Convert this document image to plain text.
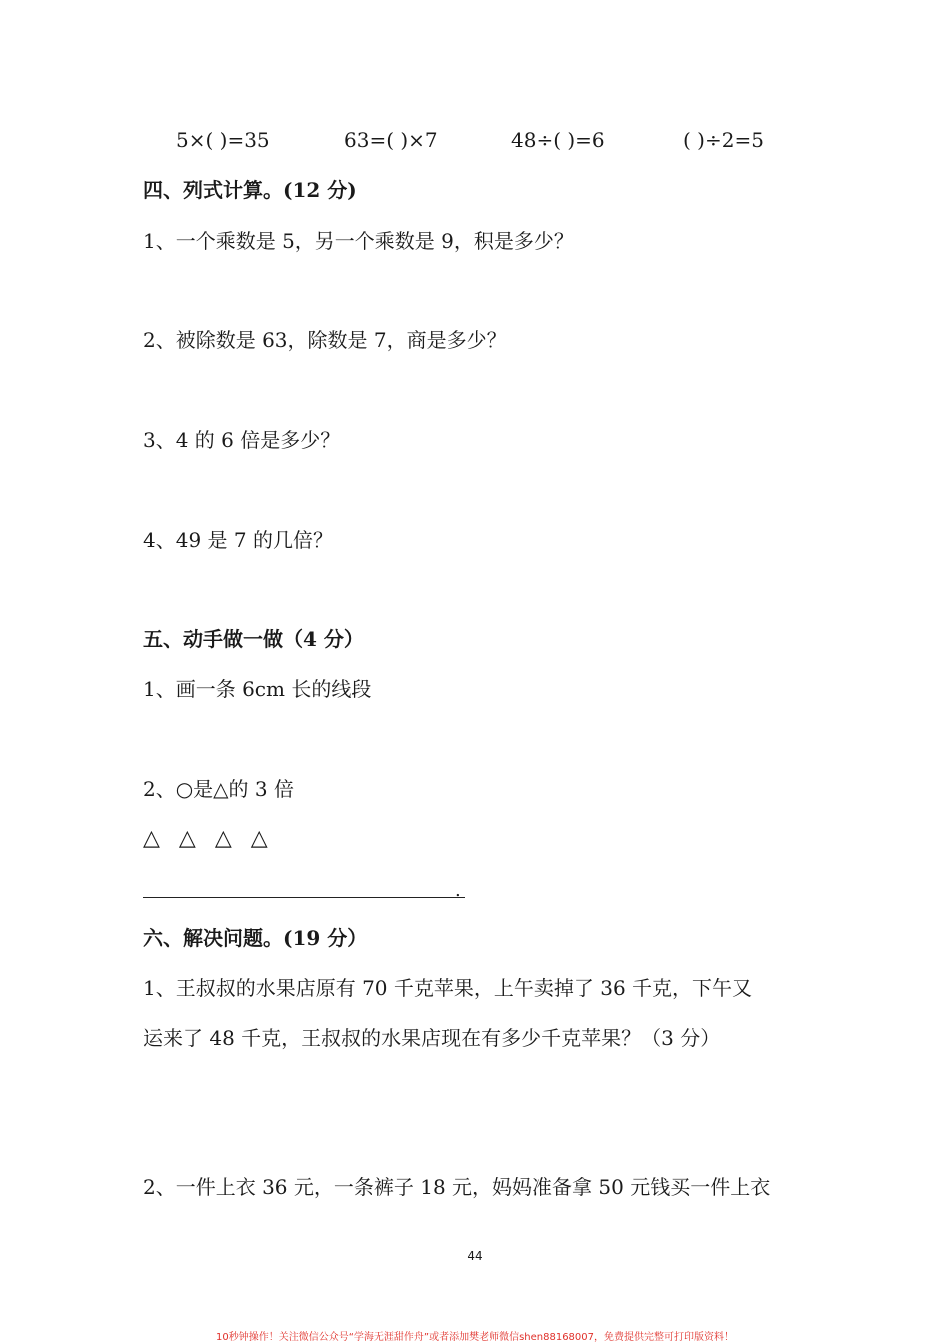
5×( )=35	63=( )×7	48÷( )=6	( )÷2=5
四、列式计算。(12 分)
1、一个乘数是 5，另一个乘数是 9，积是多少？
2、被除数是 63，除数是 7，商是多少？
3、4 的 6 倍是多少？
4、49 是 7 的几倍？
五、动手做一做（4 分）
1、画一条 6cm 长的线段
2、○是△的 3 倍
△ △ △ △
.
六、解决问题。(19 分）
1、王叔叔的水果店原有 70 千克苹果，上午卖掉了 36 千克，下午又
运来了 48 千克，王叔叔的水果店现在有多少千克苹果？（3 分）
2、一件上衣 36 元，一条裤子 18 元，妈妈准备拿 50 元钱买一件上衣
44
10秒钟操作！关注微信公众号“学海无涯甜作舟”或者添加樊老师微信shen88168007，免费提供完整可打印版资料！
